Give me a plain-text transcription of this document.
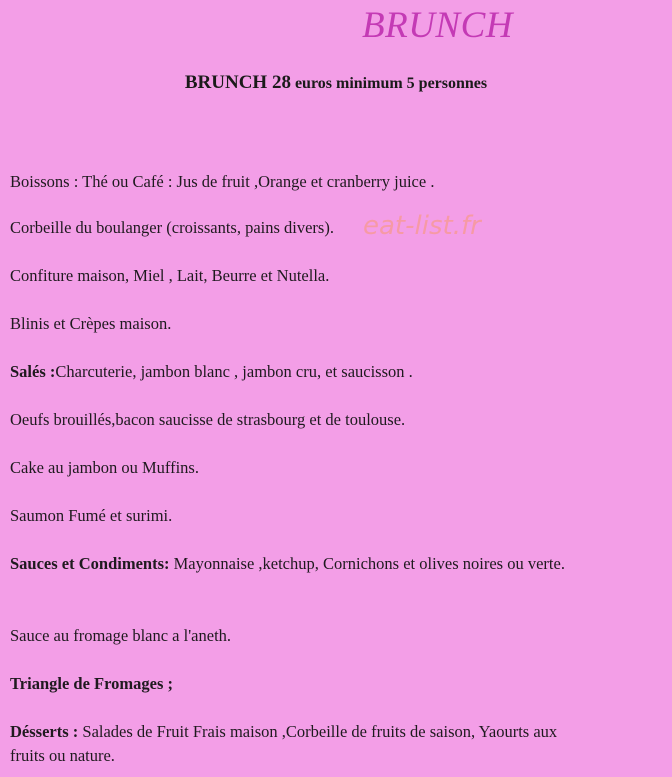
BRUNCH
BRUNCH 28 euros minimum 5 personnes
eat-list.fr

Boissons : Thé ou Café : Jus de fruit ,Orange et cranberry juice .

Corbeille du boulanger (croissants, pains divers).

Confiture maison, Miel , Lait, Beurre et Nutella.

Blinis et Crèpes maison.

Salés :Charcuterie, jambon blanc , jambon cru, et saucisson .

Oeufs brouillés,bacon saucisse de strasbourg et de toulouse.

Cake au jambon ou Muffins.

Saumon Fumé et surimi.

Sauces et Condiments: Mayonnaise ,ketchup, Cornichons et olives noires ou verte.

Sauce au fromage blanc a l'aneth.

Triangle de Fromages ;

Désserts : Salades de Fruit Frais maison ,Corbeille de fruits de saison, Yaourts aux fruits ou nature.
